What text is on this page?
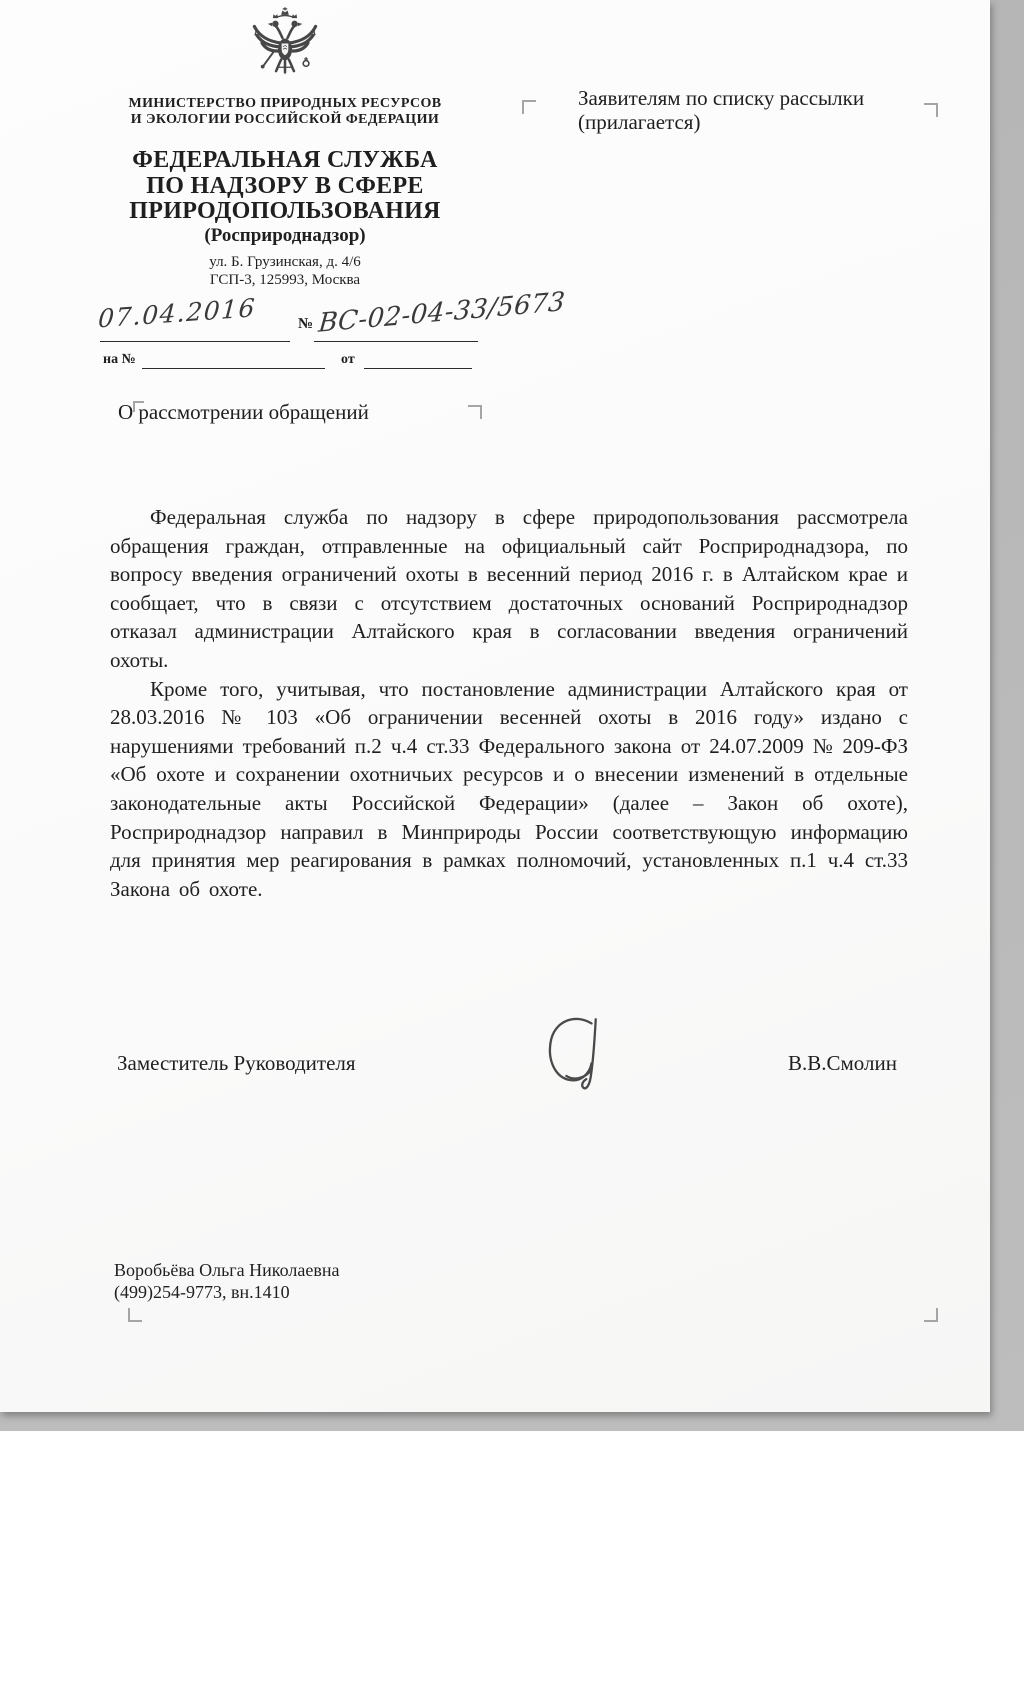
МИНИСТЕРСТВО ПРИРОДНЫХ РЕСУРСОВ
И ЭКОЛОГИИ РОССИЙСКОЙ ФЕДЕРАЦИИ
ФЕДЕРАЛЬНАЯ СЛУЖБА
ПО НАДЗОРУ В СФЕРЕ
ПРИРОДОПОЛЬЗОВАНИЯ
(Росприроднадзор)
ул. Б. Грузинская, д. 4/6
ГСП-3, 125993, Москва
07.04.2016	№ ВС-02-04-33/5673
на №	от
Заявителям по списку рассылки
(прилагается)
О рассмотрении обращений

Федеральная служба по надзору в сфере природопользования рассмотрела обращения граждан, отправленные на официальный сайт Росприроднадзора, по вопросу введения ограничений охоты в весенний период 2016 г. в Алтайском крае и сообщает, что в связи с отсутствием достаточных оснований Росприроднадзор отказал администрации Алтайского края в согласовании введения ограничений охоты.

Кроме того, учитывая, что постановление администрации Алтайского края от 28.03.2016 № 103 «Об ограничении весенней охоты в 2016 году» издано с нарушениями требований п.2 ч.4 ст.33 Федерального закона от 24.07.2009 № 209-ФЗ «Об охоте и сохранении охотничьих ресурсов и о внесении изменений в отдельные законодательные акты Российской Федерации» (далее – Закон об охоте), Росприроднадзор направил в Минприроды России соответствующую информацию для принятия мер реагирования в рамках полномочий, установленных п.1 ч.4 ст.33 Закона об охоте.

Заместитель Руководителя	В.В.Смолин
Воробьёва Ольга Николаевна
(499)254-9773, вн.1410
